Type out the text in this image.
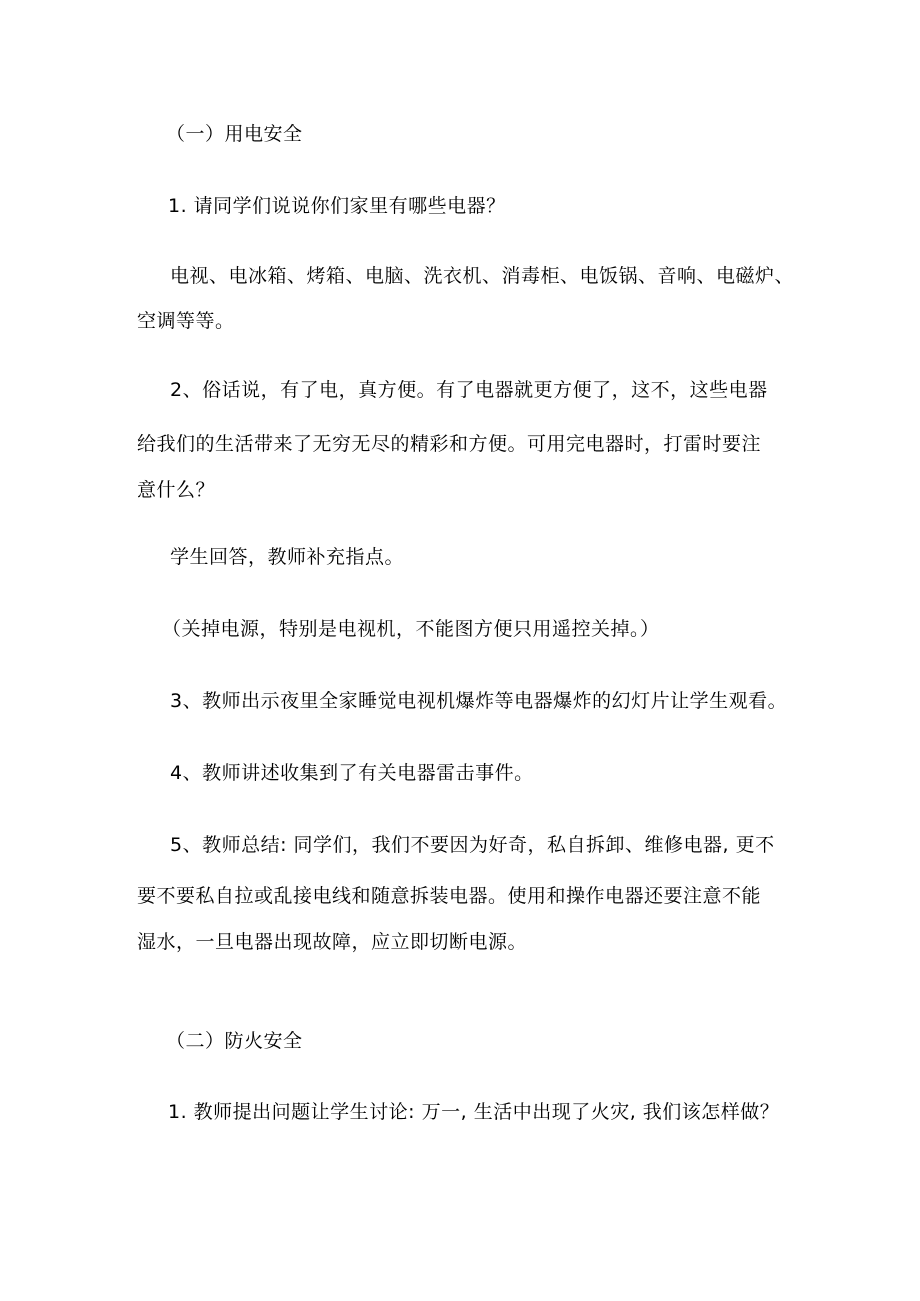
（一）用电安全
1. 请同学们说说你们家里有哪些电器？
电视、电冰箱、烤箱、电脑、洗衣机、消毒柜、电饭锅、音响、电磁炉、
空调等等。
2、俗话说，有了电，真方便。有了电器就更方便了，这不，这些电器
给我们的生活带来了无穷无尽的精彩和方便。可用完电器时，打雷时要注
意什么？
学生回答，教师补充指点。
（关掉电源，特别是电视机，不能图方便只用遥控关掉。）
3、教师出示夜里全家睡觉电视机爆炸等电器爆炸的幻灯片让学生观看。
4、教师讲述收集到了有关电器雷击事件。
5、教师总结: 同学们，我们不要因为好奇，私自拆卸、维修电器, 更不
要不要私自拉或乱接电线和随意拆装电器。使用和操作电器还要注意不能
湿水，一旦电器出现故障，应立即切断电源。
（二）防火安全
1. 教师提出问题让学生讨论: 万一, 生活中出现了火灾, 我们该怎样做？
